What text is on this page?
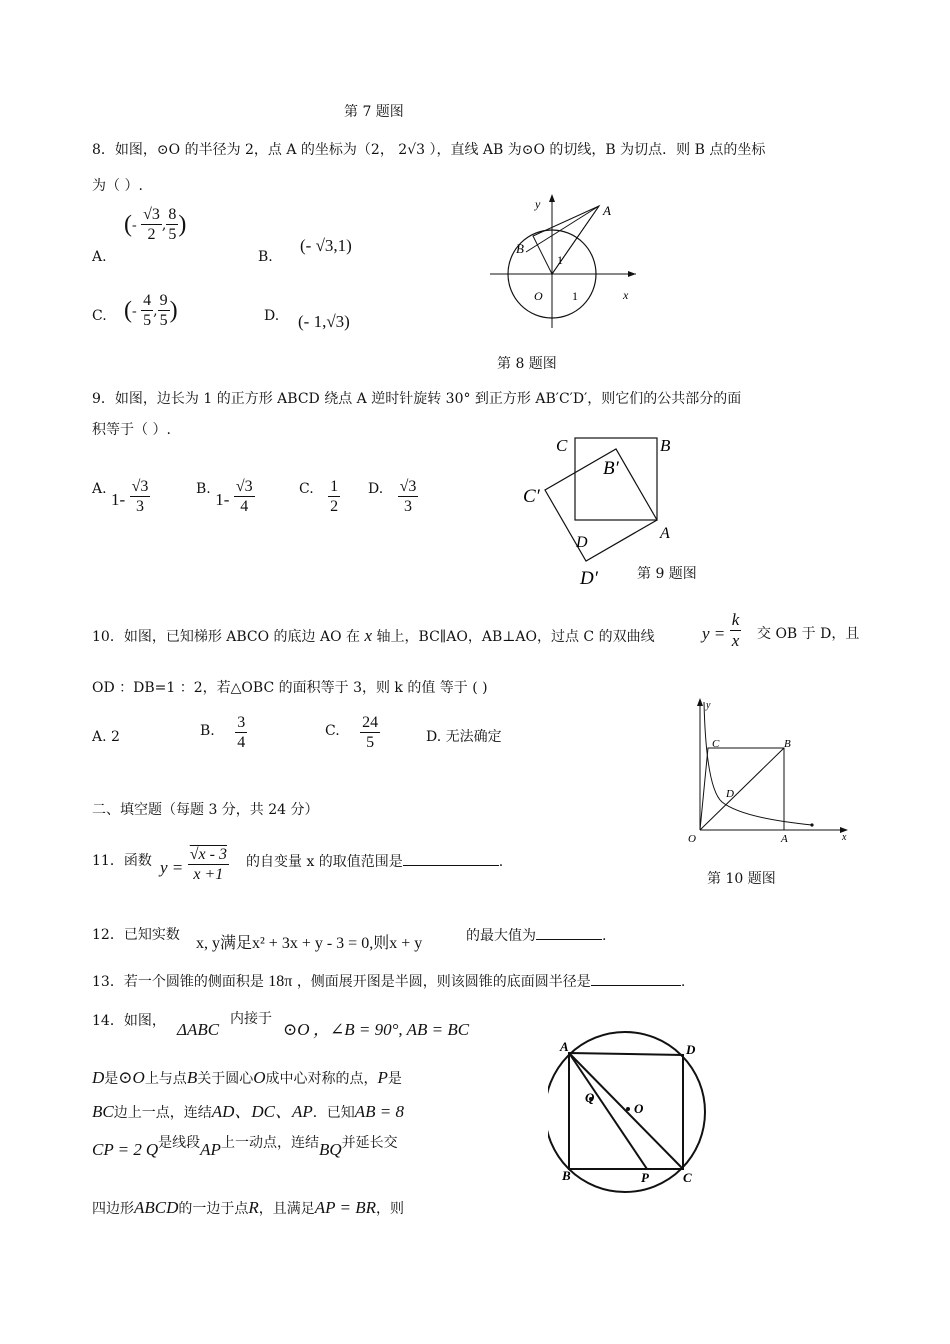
第 7 题图
8．如图，⊙O 的半径为 2，点 A 的坐标为（2， 2√3 ），直线 AB 为⊙O 的切线，B 为切点．则 B 点的坐标
为（ ）.
A.
(- $\frac{√3}{2}$ , $\frac{8}{5}$ )
B.
(- √3,1)
C. (- $\frac{4}{5}$ , $\frac{9}{5}$ )	D. (- 1,√3)
y	A
B
1
O 1	x
第 8 题图
9．如图，边长为 1 的正方形 ABCD 绕点 A 逆时针旋转 30° 到正方形 AB′C′D′，则它们的公共部分的面
积等于（ ）.
A. $1- \frac{√3}{3}$	B. $1- \frac{√3}{4}$	C. $\frac{1}{2} D$. $\frac{√3}{3}$
C	B
B′
C′
A
D
D′	第 9 题图
10．如图，已知梯形 ABCO 的底边 AO 在 x 轴上，BC∥AO，AB⊥AO，过点 C 的双曲线	$y = \frac{k}{x}$ 交 OB 于 D，且
OD ：DB=1 ：2，若△OBC 的面积等于 3，则 k 的值 等于 ( )
A. 2	B. $\frac{3}{4}$	C. $\frac{24}{5}$	D. 无法确定
y
C	B
D
O	A	x
第 10 题图
二、填空题（每题 3 分，共 24 分）
11．函数 $y = \frac{√x - 3}{x +1}$ 的自变量 x 的取值范围是	.
12．已知实数 x, y满足x² + 3x + y - 3 = 0,则x + y	的最大值为	.
13．若一个圆锥的侧面积是 18π ，侧面展开图是半圆，则该圆锥的底面圆半径是	.
14．如图， ΔABC
内接于
⊙O ，∠B = 90°, AB = BC
D是⊙O上与点B关于圆心O成中心对称的点，P是
BC边上一点，连结AD、DC、AP．已知AB = 8
CP = 2 Q是线段AP上一动点，连结BQ并延长交
四边形ABCD的一边于点R，且满足AP = BR，则
A	D
Q
O
B	P	C
